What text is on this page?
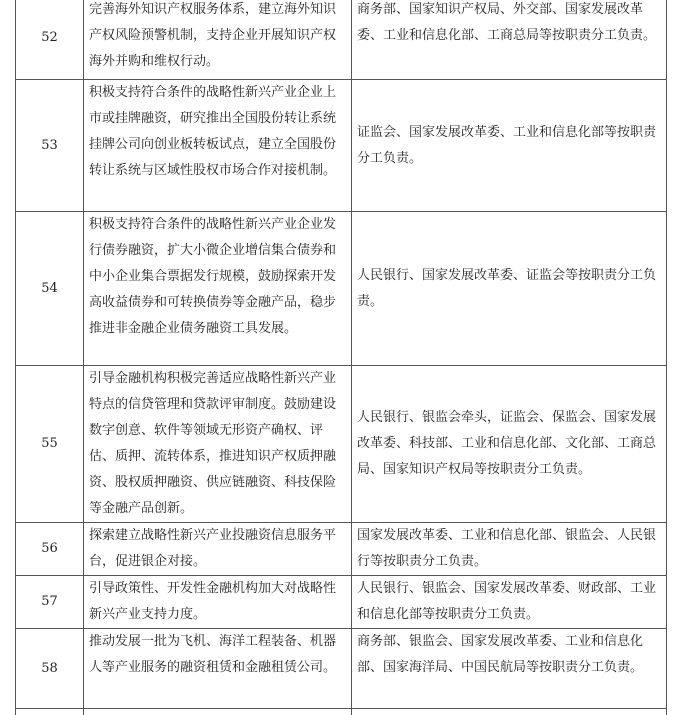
52	完善海外知识产权服务体系，建立海外知识产权风险预警机制，支持企业开展知识产权海外并购和维权行动。	商务部、国家知识产权局、外交部、国家发展改革委、工业和信息化部、工商总局等按职责分工负责。
53	积极支持符合条件的战略性新兴产业企业上市或挂牌融资，研究推出全国股份转让系统挂牌公司向创业板转板试点，建立全国股份转让系统与区域性股权市场合作对接机制。	证监会、国家发展改革委、工业和信息化部等按职责分工负责。
54	积极支持符合条件的战略性新兴产业企业发行债券融资，扩大小微企业增信集合债券和中小企业集合票据发行规模，鼓励探索开发高收益债券和可转换债券等金融产品，稳步推进非金融企业债务融资工具发展。	人民银行、国家发展改革委、证监会等按职责分工负责。
55	引导金融机构积极完善适应战略性新兴产业特点的信贷管理和贷款评审制度。鼓励建设数字创意、软件等领域无形资产确权、评估、质押、流转体系，推进知识产权质押融资、股权质押融资、供应链融资、科技保险等金融产品创新。	人民银行、银监会牵头，证监会、保监会、国家发展改革委、科技部、工业和信息化部、文化部、工商总局、国家知识产权局等按职责分工负责。
56	探索建立战略性新兴产业投融资信息服务平台，促进银企对接。	国家发展改革委、工业和信息化部、银监会、人民银行等按职责分工负责。
57	引导政策性、开发性金融机构加大对战略性新兴产业支持力度。	人民银行、银监会、国家发展改革委、财政部、工业和信息化部等按职责分工负责。
58	推动发展一批为飞机、海洋工程装备、机器人等产业服务的融资租赁和金融租赁公司。	商务部、银监会、国家发展改革委、工业和信息化部、国家海洋局、中国民航局等按职责分工负责。
